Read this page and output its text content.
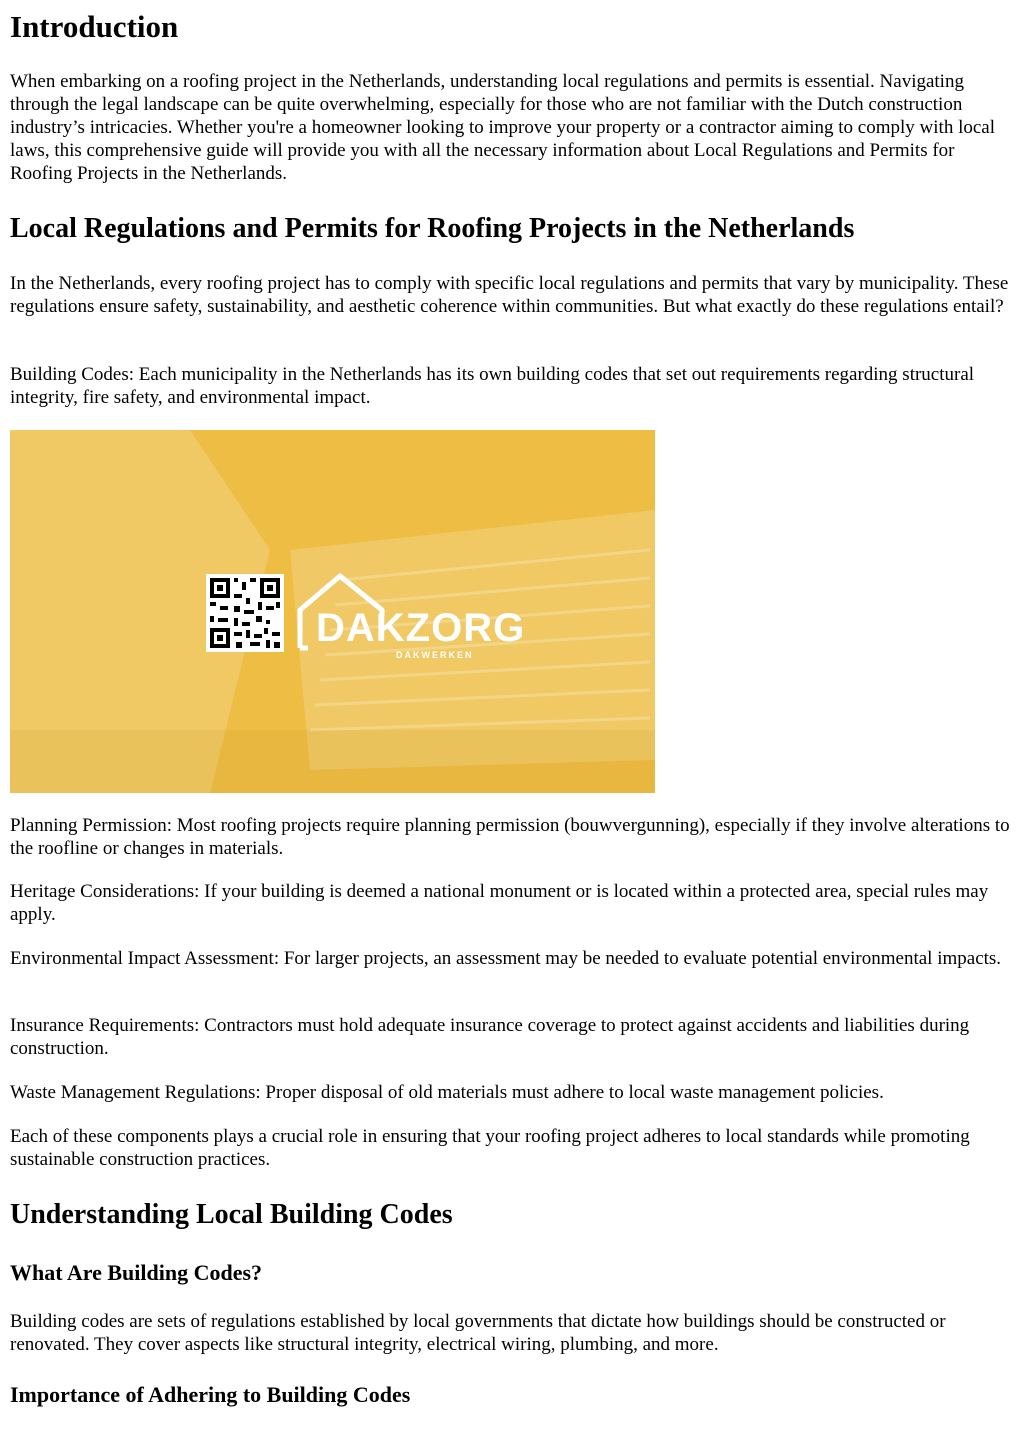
Introduction

When embarking on a roofing project in the Netherlands, understanding local regulations and permits is essential. Navigating through the legal landscape can be quite overwhelming, especially for those who are not familiar with the Dutch construction industry’s intricacies. Whether you're a homeowner looking to improve your property or a contractor aiming to comply with local laws, this comprehensive guide will provide you with all the necessary information about Local Regulations and Permits for Roofing Projects in the Netherlands.

Local Regulations and Permits for Roofing Projects in the Netherlands

In the Netherlands, every roofing project has to comply with specific local regulations and permits that vary by municipality. These regulations ensure safety, sustainability, and aesthetic coherence within communities. But what exactly do these regulations entail?

Building Codes: Each municipality in the Netherlands has its own building codes that set out requirements regarding structural integrity, fire safety, and environmental impact.

DAKZORG
DAKWERKEN

Planning Permission: Most roofing projects require planning permission (bouwvergunning), especially if they involve alterations to the roofline or changes in materials.

Heritage Considerations: If your building is deemed a national monument or is located within a protected area, special rules may apply.

Environmental Impact Assessment: For larger projects, an assessment may be needed to evaluate potential environmental impacts.

Insurance Requirements: Contractors must hold adequate insurance coverage to protect against accidents and liabilities during construction.

Waste Management Regulations: Proper disposal of old materials must adhere to local waste management policies.

Each of these components plays a crucial role in ensuring that your roofing project adheres to local standards while promoting sustainable construction practices.

Understanding Local Building Codes
What Are Building Codes?

Building codes are sets of regulations established by local governments that dictate how buildings should be constructed or renovated. They cover aspects like structural integrity, electrical wiring, plumbing, and more.

Importance of Adhering to Building Codes
